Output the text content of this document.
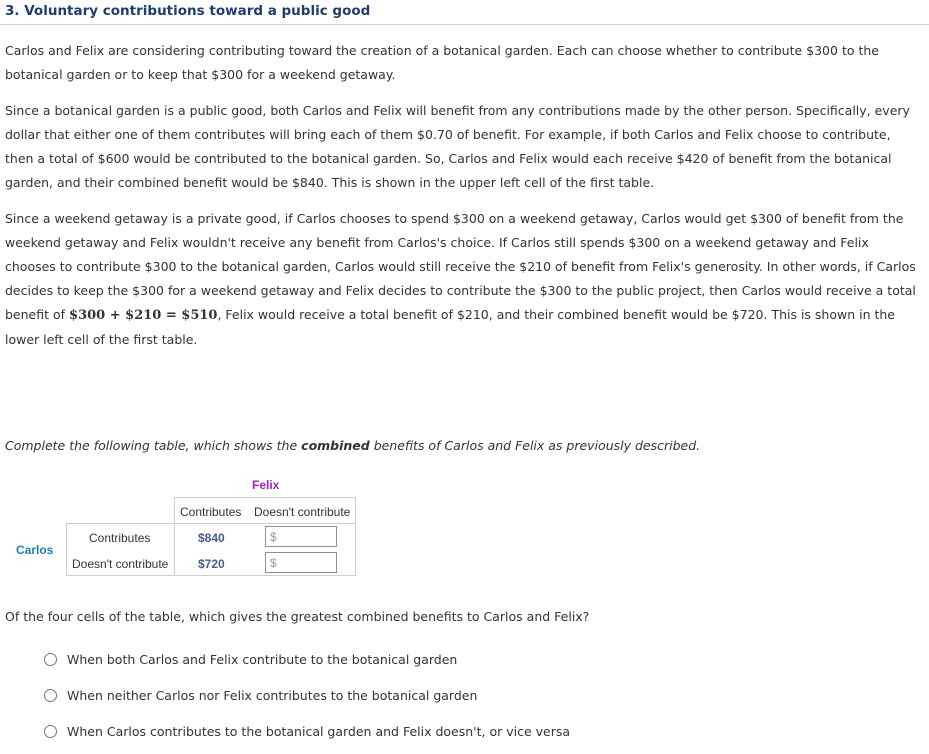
3. Voluntary contributions toward a public good
Carlos and Felix are considering contributing toward the creation of a botanical garden. Each can choose whether to contribute $300 to the botanical garden or to keep that $300 for a weekend getaway.
Since a botanical garden is a public good, both Carlos and Felix will benefit from any contributions made by the other person. Specifically, every dollar that either one of them contributes will bring each of them $0.70 of benefit. For example, if both Carlos and Felix choose to contribute, then a total of $600 would be contributed to the botanical garden. So, Carlos and Felix would each receive $420 of benefit from the botanical garden, and their combined benefit would be $840. This is shown in the upper left cell of the first table.
Since a weekend getaway is a private good, if Carlos chooses to spend $300 on a weekend getaway, Carlos would get $300 of benefit from the weekend getaway and Felix wouldn't receive any benefit from Carlos's choice. If Carlos still spends $300 on a weekend getaway and Felix chooses to contribute $300 to the botanical garden, Carlos would still receive the $210 of benefit from Felix's generosity. In other words, if Carlos decides to keep the $300 for a weekend getaway and Felix decides to contribute the $300 to the public project, then Carlos would receive a total benefit of $300 + $210 = $510, Felix would receive a total benefit of $210, and their combined benefit would be $720. This is shown in the lower left cell of the first table.
Complete the following table, which shows the combined benefits of Carlos and Felix as previously described.
Felix
Carlos
Contributes Doesn't contribute
Contributes
Doesn't contribute
$840
$720
$
$
Of the four cells of the table, which gives the greatest combined benefits to Carlos and Felix?
When both Carlos and Felix contribute to the botanical garden
When neither Carlos nor Felix contributes to the botanical garden
When Carlos contributes to the botanical garden and Felix doesn't, or vice versa
